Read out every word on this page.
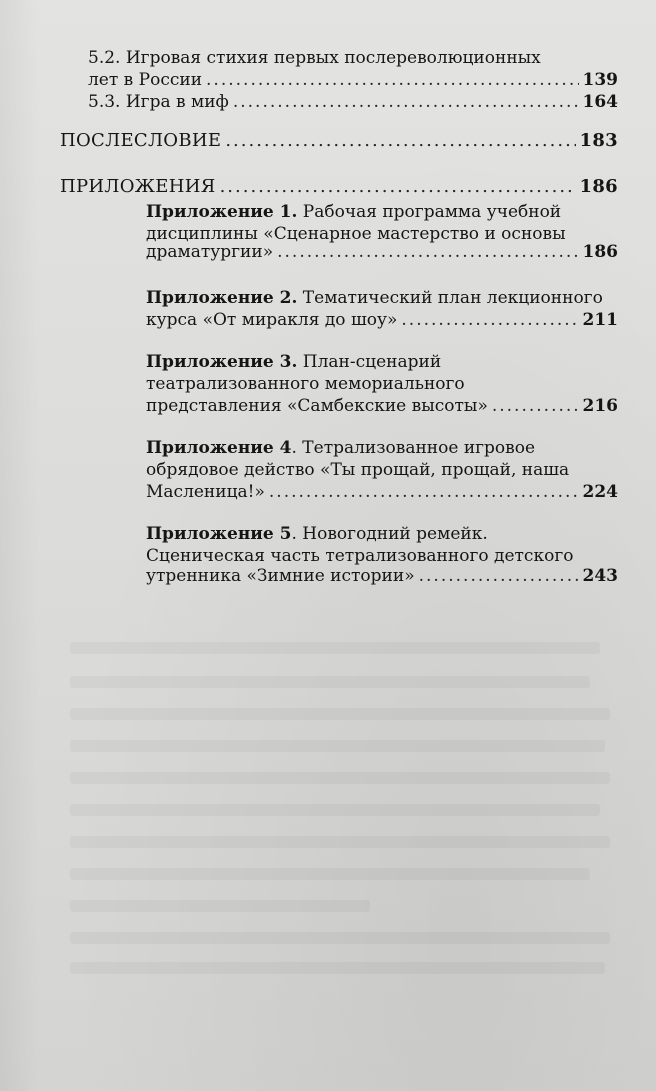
5.2. Игровая стихия первых послереволюционных
лет в России .....	139
5.3. Игра в миф .....	164
ПОСЛЕСЛОВИЕ .....	183
ПРИЛОЖЕНИЯ .....	186
Приложение 1. Рабочая программа учебной
дисциплины «Сценарное мастерство и основы
драматургии» .....	186
Приложение 2. Тематический план лекционного
курса «От миракля до шоу» .....	211
Приложение 3. План-сценарий
театрализованного мемориального
представления «Самбекские высоты» .....	216
Приложение 4. Тетрализованное игровое
обрядовое действо «Ты прощай, прощай, наша
Масленица!» .....	224
Приложение 5. Новогодний ремейк.
Сценическая часть тетрализованного детского
утренника «Зимние истории» .....	243
